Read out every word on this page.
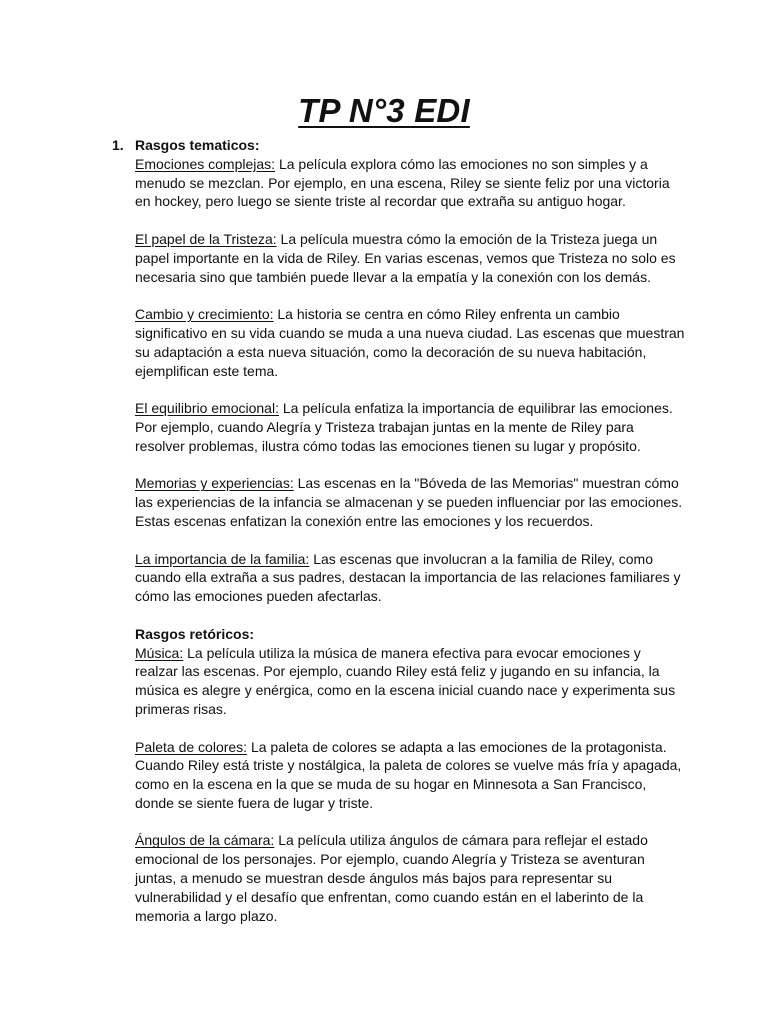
TP N°3 EDI
1. Rasgos tematicos:

Emociones complejas: La película explora cómo las emociones no son simples y a menudo se mezclan. Por ejemplo, en una escena, Riley se siente feliz por una victoria en hockey, pero luego se siente triste al recordar que extraña su antiguo hogar.

El papel de la Tristeza: La película muestra cómo la emoción de la Tristeza juega un papel importante en la vida de Riley. En varias escenas, vemos que Tristeza no solo es necesaria sino que también puede llevar a la empatía y la conexión con los demás.

Cambio y crecimiento: La historia se centra en cómo Riley enfrenta un cambio significativo en su vida cuando se muda a una nueva ciudad. Las escenas que muestran su adaptación a esta nueva situación, como la decoración de su nueva habitación, ejemplifican este tema.

El equilibrio emocional: La película enfatiza la importancia de equilibrar las emociones. Por ejemplo, cuando Alegría y Tristeza trabajan juntas en la mente de Riley para resolver problemas, ilustra cómo todas las emociones tienen su lugar y propósito.

Memorias y experiencias: Las escenas en la "Bóveda de las Memorias" muestran cómo las experiencias de la infancia se almacenan y se pueden influenciar por las emociones. Estas escenas enfatizan la conexión entre las emociones y los recuerdos.

La importancia de la familia: Las escenas que involucran a la familia de Riley, como cuando ella extraña a sus padres, destacan la importancia de las relaciones familiares y cómo las emociones pueden afectarlas.

Rasgos retóricos:

Música: La película utiliza la música de manera efectiva para evocar emociones y realzar las escenas. Por ejemplo, cuando Riley está feliz y jugando en su infancia, la música es alegre y enérgica, como en la escena inicial cuando nace y experimenta sus primeras risas.

Paleta de colores: La paleta de colores se adapta a las emociones de la protagonista. Cuando Riley está triste y nostálgica, la paleta de colores se vuelve más fría y apagada, como en la escena en la que se muda de su hogar en Minnesota a San Francisco, donde se siente fuera de lugar y triste.

Ángulos de la cámara: La película utiliza ángulos de cámara para reflejar el estado emocional de los personajes. Por ejemplo, cuando Alegría y Tristeza se aventuran juntas, a menudo se muestran desde ángulos más bajos para representar su vulnerabilidad y el desafío que enfrentan, como cuando están en el laberinto de la memoria a largo plazo.
